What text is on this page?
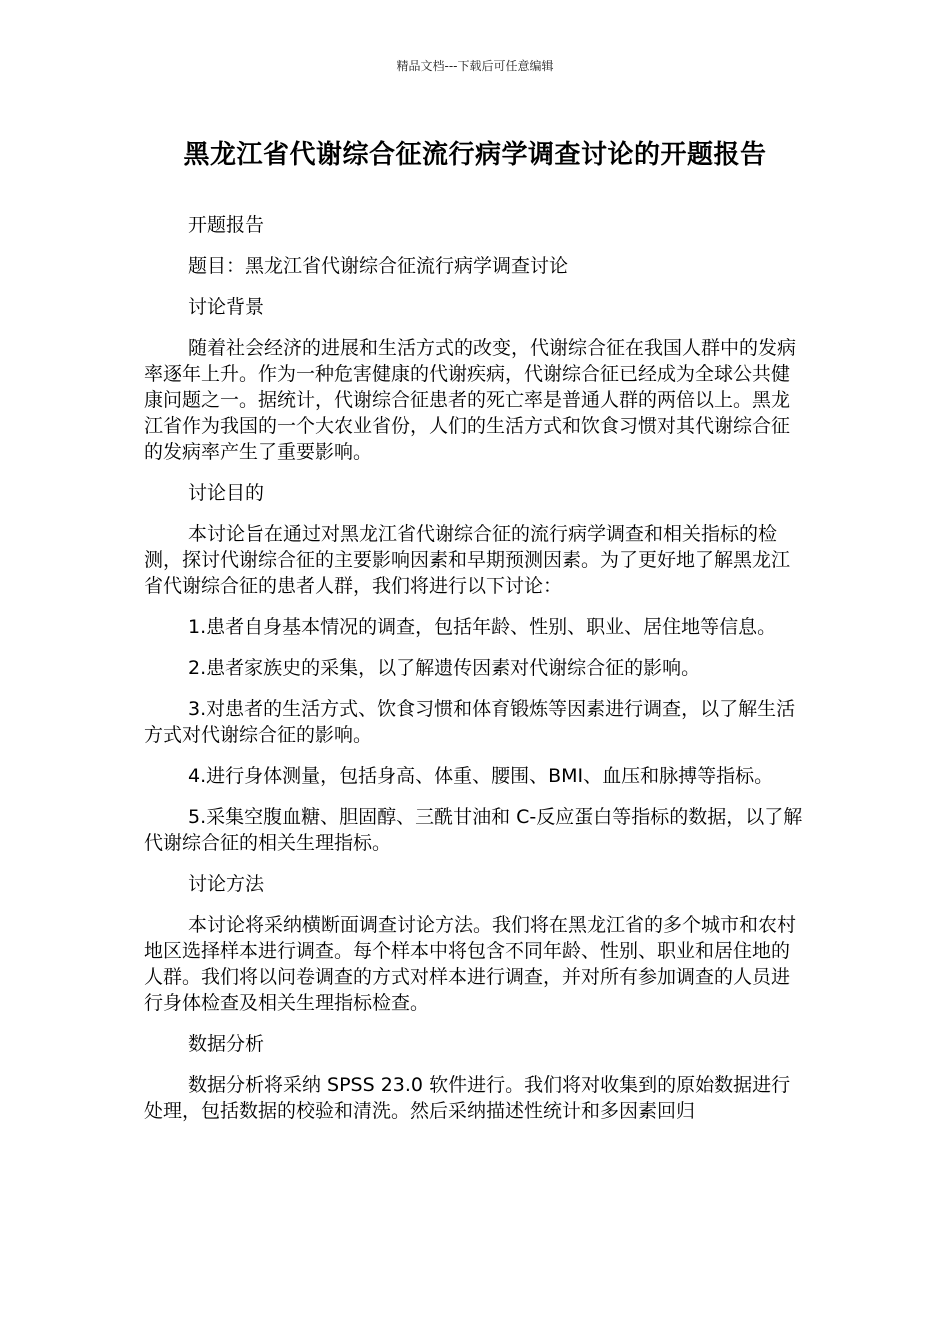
精品文档---下载后可任意编辑
黑龙江省代谢综合征流行病学调查讨论的开题报告

开题报告

题目：黑龙江省代谢综合征流行病学调查讨论

讨论背景

随着社会经济的进展和生活方式的改变，代谢综合征在我国人群中的发病率逐年上升。作为一种危害健康的代谢疾病，代谢综合征已经成为全球公共健康问题之一。据统计，代谢综合征患者的死亡率是普通人群的两倍以上。黑龙江省作为我国的一个大农业省份，人们的生活方式和饮食习惯对其代谢综合征的发病率产生了重要影响。

讨论目的

本讨论旨在通过对黑龙江省代谢综合征的流行病学调查和相关指标的检测，探讨代谢综合征的主要影响因素和早期预测因素。为了更好地了解黑龙江省代谢综合征的患者人群，我们将进行以下讨论：

1.患者自身基本情况的调查，包括年龄、性别、职业、居住地等信息。

2.患者家族史的采集，以了解遗传因素对代谢综合征的影响。

3.对患者的生活方式、饮食习惯和体育锻炼等因素进行调查，以了解生活方式对代谢综合征的影响。

4.进行身体测量，包括身高、体重、腰围、BMI、血压和脉搏等指标。

5.采集空腹血糖、胆固醇、三酰甘油和 C-反应蛋白等指标的数据，以了解代谢综合征的相关生理指标。

讨论方法

本讨论将采纳横断面调查讨论方法。我们将在黑龙江省的多个城市和农村地区选择样本进行调查。每个样本中将包含不同年龄、性别、职业和居住地的人群。我们将以问卷调查的方式对样本进行调查，并对所有参加调查的人员进行身体检查及相关生理指标检查。

数据分析

数据分析将采纳 SPSS 23.0 软件进行。我们将对收集到的原始数据进行处理，包括数据的校验和清洗。然后采纳描述性统计和多因素回归
